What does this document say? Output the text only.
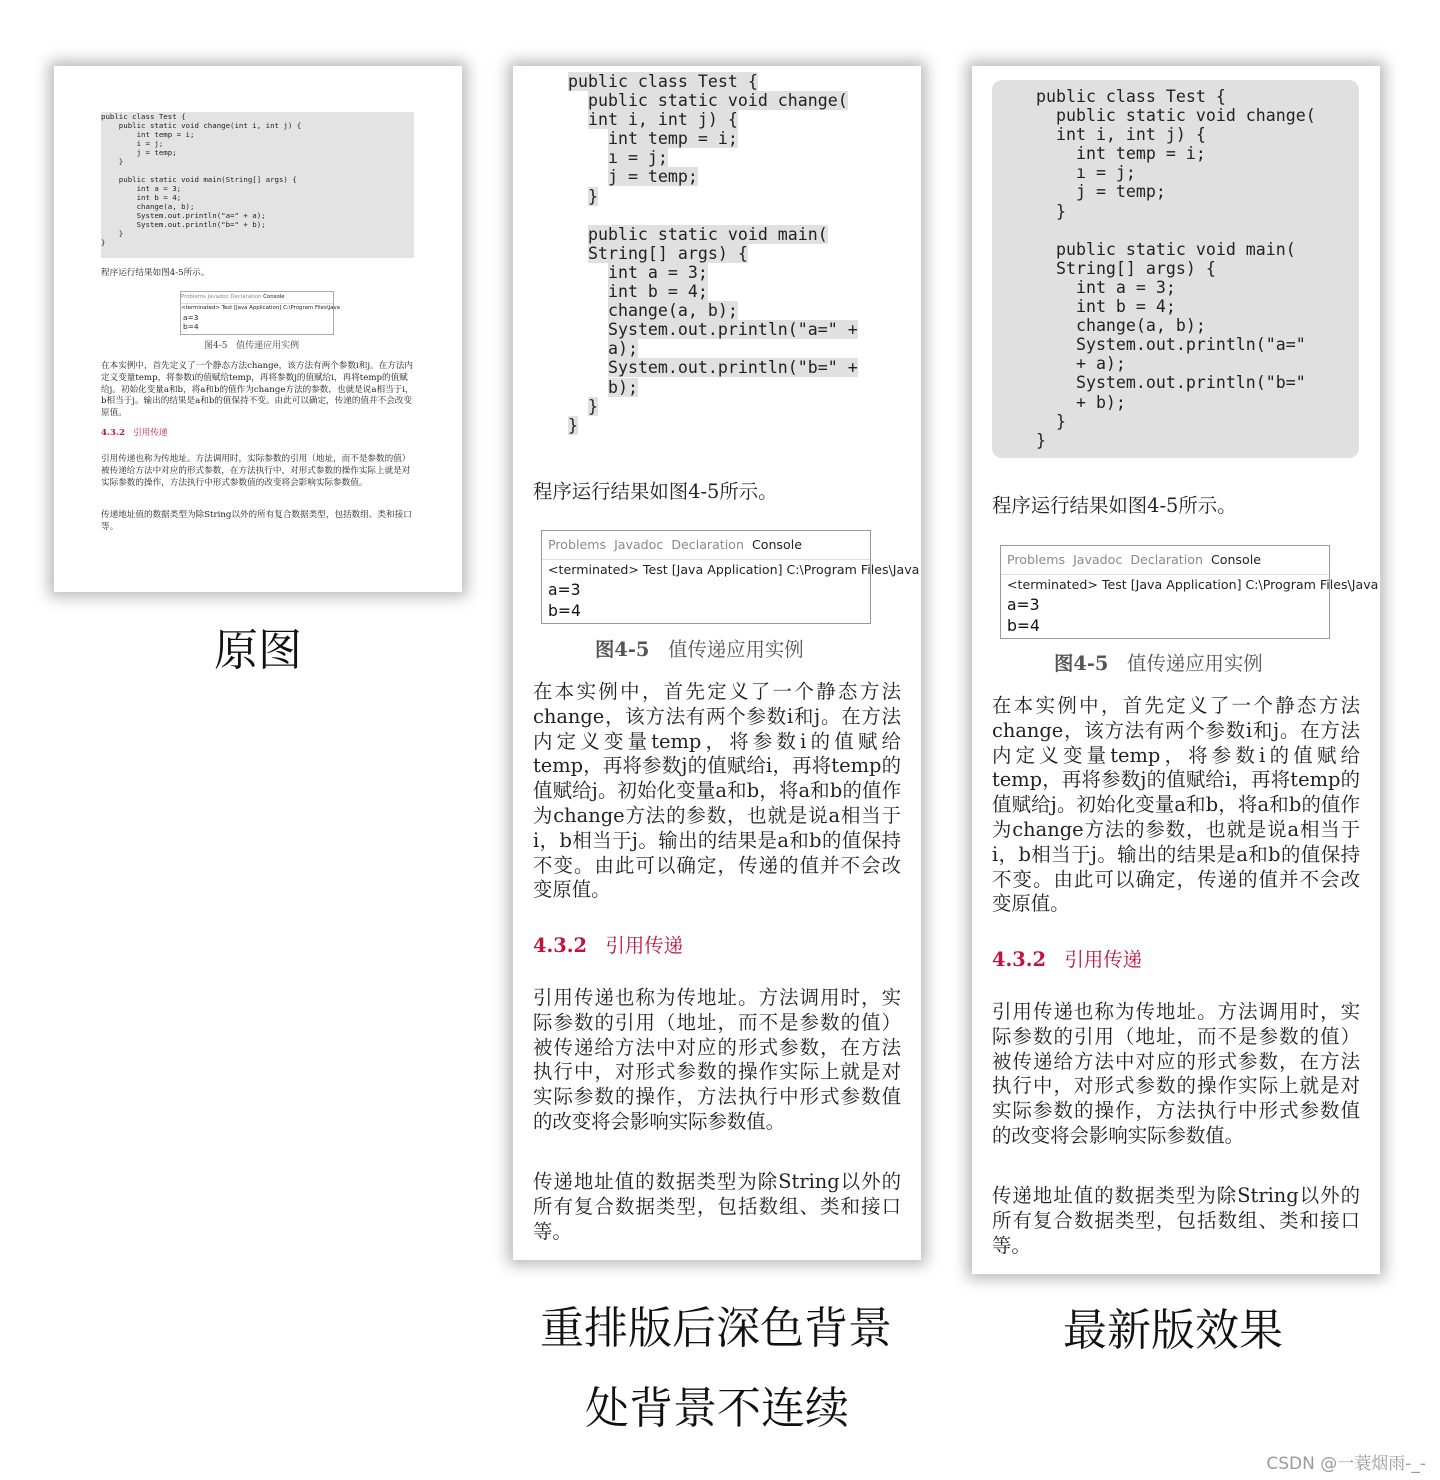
public class Test {
public static void change(int i, int j) {
int temp = i;
i = j;
j = temp;
}
public static void main(String[] args) {
int a = 3;
int b = 4;
change(a, b);
System.out.println("a=" + a);
System.out.println("b=" + b);
}
}
程序运行结果如图4-5所示。
Problems Javadoc Declaration Console
<terminated> Test [Java Application] C:\Program Files\Java
a=3
b=4
图4-5 值传递应用实例
在本实例中，首先定义了一个静态方法change，该方法有两个参数i和j。在方法内定义变量temp，将参数i的值赋给temp，再将参数j的值赋给i，再将temp的值赋给j。初始化变量a和b，将a和b的值作为change方法的参数，也就是说a相当于i，b相当于j。输出的结果是a和b的值保持不变。由此可以确定，传递的值并不会改变原值。
4.3.2 引用传递
引用传递也称为传地址。方法调用时，实际参数的引用（地址，而不是参数的值）被传递给方法中对应的形式参数，在方法执行中，对形式参数的操作实际上就是对实际参数的操作，方法执行中形式参数值的改变将会影响实际参数值。
传递地址值的数据类型为除String以外的所有复合数据类型，包括数组、类和接口等。
public class Test {
public static void change(
int i, int j) {
int temp = i;
ı = j;
j = temp;
}
public static void main(
String[] args) {
int a = 3;
int b = 4;
change(a, b);
System.out.println("a=" +
a);
System.out.println("b=" +
b);
}
}
程序运行结果如图4-5所示。
Problems Javadoc Declaration Console
<terminated> Test [Java Application] C:\Program Files\Java
a=3
b=4
图4-5 值传递应用实例
在本实例中，首先定义了一个静态方法change，该方法有两个参数i和j。在方法内定义变量temp，将参数i的值赋给temp，再将参数j的值赋给i，再将temp的值赋给j。初始化变量a和b，将a和b的值作为change方法的参数，也就是说a相当于i，b相当于j。输出的结果是a和b的值保持不变。由此可以确定，传递的值并不会改变原值。
4.3.2 引用传递
引用传递也称为传地址。方法调用时，实际参数的引用（地址，而不是参数的值）被传递给方法中对应的形式参数，在方法执行中，对形式参数的操作实际上就是对实际参数的操作，方法执行中形式参数值的改变将会影响实际参数值。
传递地址值的数据类型为除String以外的所有复合数据类型，包括数组、类和接口等。
public class Test {
public static void change(
int i, int j) {
int temp = i;
ı = j;
j = temp;
}
public static void main(
String[] args) {
int a = 3;
int b = 4;
change(a, b);
System.out.println("a="
+ a);
System.out.println("b="
+ b);
}
}
程序运行结果如图4-5所示。
Problems Javadoc Declaration Console
<terminated> Test [Java Application] C:\Program Files\Java
a=3
b=4
图4-5 值传递应用实例
在本实例中，首先定义了一个静态方法change，该方法有两个参数i和j。在方法内定义变量temp，将参数i的值赋给temp，再将参数j的值赋给i，再将temp的值赋给j。初始化变量a和b，将a和b的值作为change方法的参数，也就是说a相当于i，b相当于j。输出的结果是a和b的值保持不变。由此可以确定，传递的值并不会改变原值。
4.3.2 引用传递
引用传递也称为传地址。方法调用时，实际参数的引用（地址，而不是参数的值）被传递给方法中对应的形式参数，在方法执行中，对形式参数的操作实际上就是对实际参数的操作，方法执行中形式参数值的改变将会影响实际参数值。
传递地址值的数据类型为除String以外的所有复合数据类型，包括数组、类和接口等。
原图
重排版后深色背景
处背景不连续
最新版效果
CSDN @一蓑烟雨-_-
